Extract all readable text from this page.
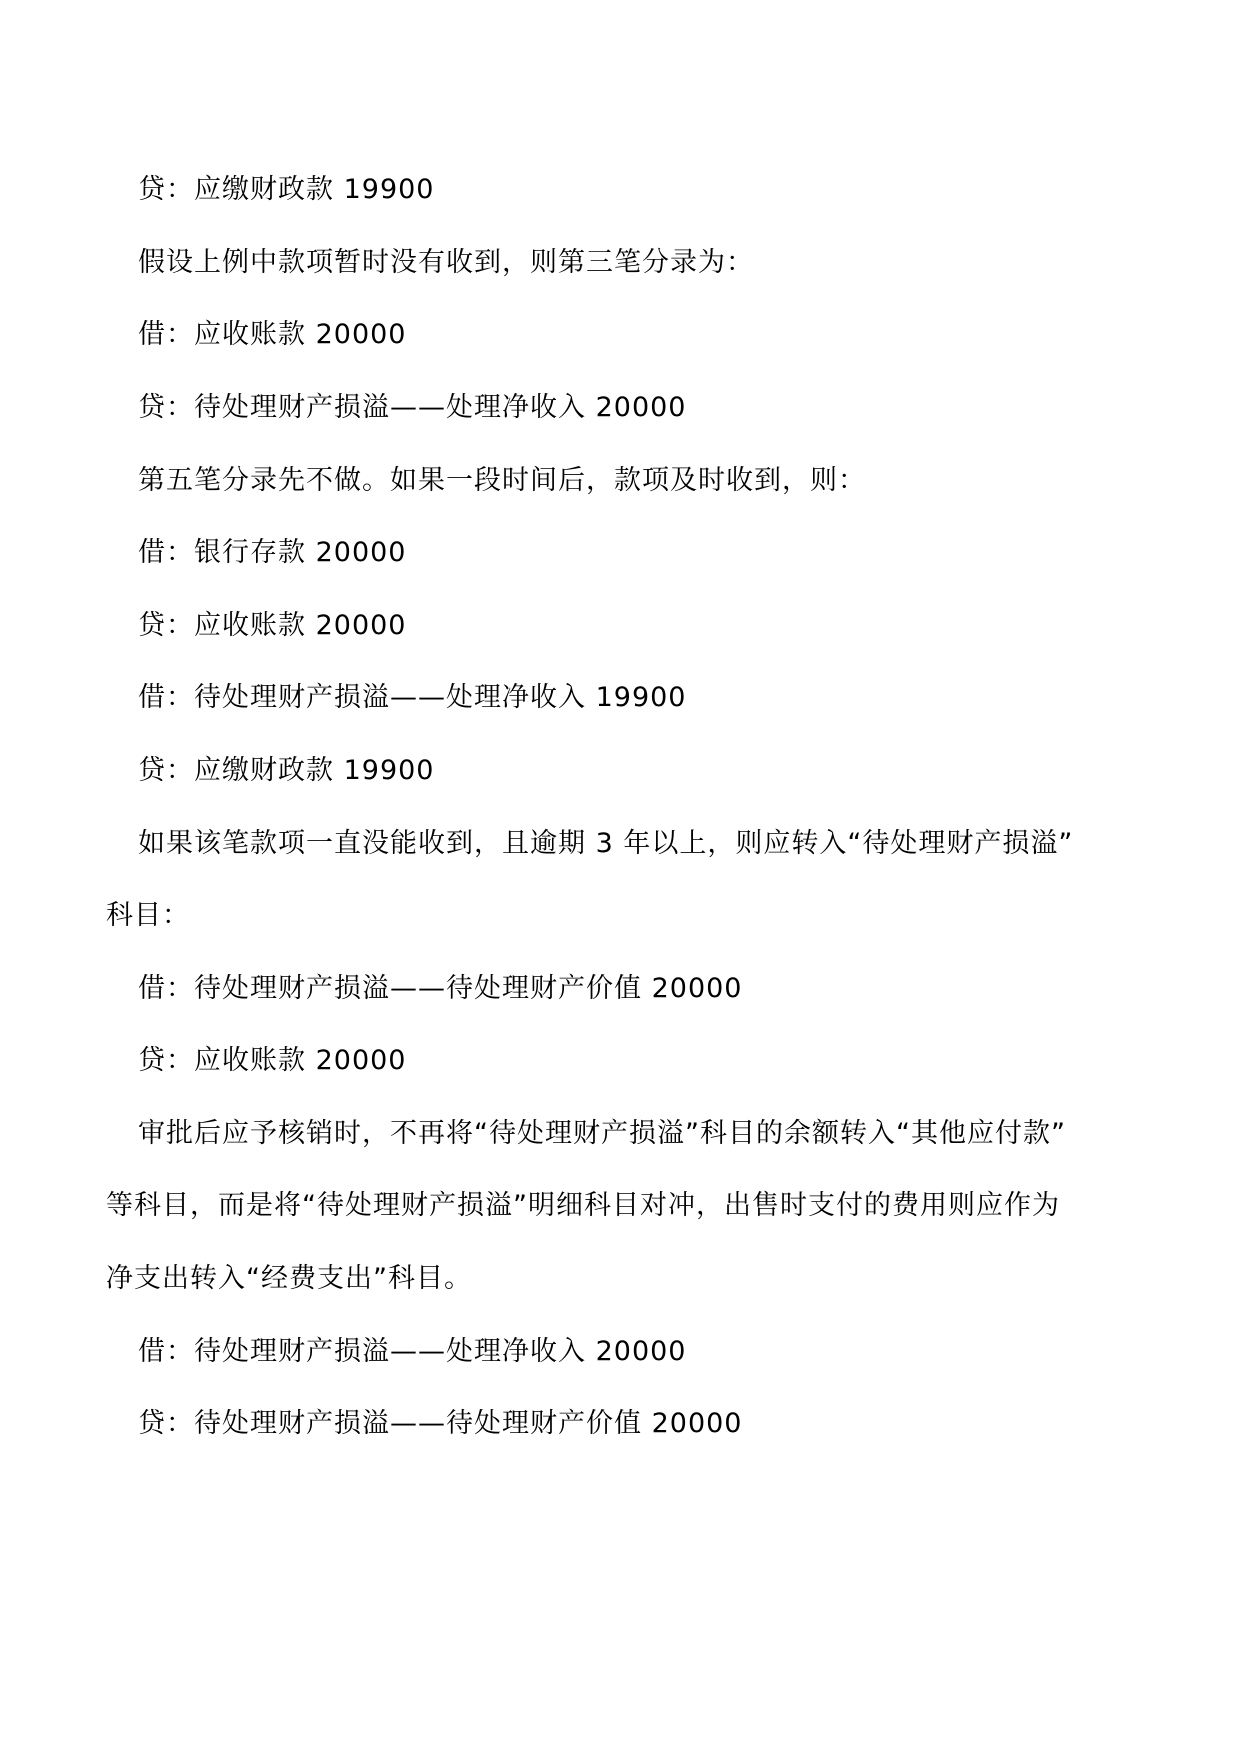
贷：应缴财政款 19900
假设上例中款项暂时没有收到，则第三笔分录为：
借：应收账款 20000
贷：待处理财产损溢——处理净收入 20000
第五笔分录先不做。如果一段时间后，款项及时收到，则：
借：银行存款 20000
贷：应收账款 20000
借：待处理财产损溢——处理净收入 19900
贷：应缴财政款 19900
如果该笔款项一直没能收到，且逾期 3 年以上，则应转入“待处理财产损溢”
科目：
借：待处理财产损溢——待处理财产价值 20000
贷：应收账款 20000
审批后应予核销时，不再将“待处理财产损溢”科目的余额转入“其他应付款”
等科目，而是将“待处理财产损溢”明细科目对冲，出售时支付的费用则应作为
净支出转入“经费支出”科目。
借：待处理财产损溢——处理净收入 20000
贷：待处理财产损溢——待处理财产价值 20000
